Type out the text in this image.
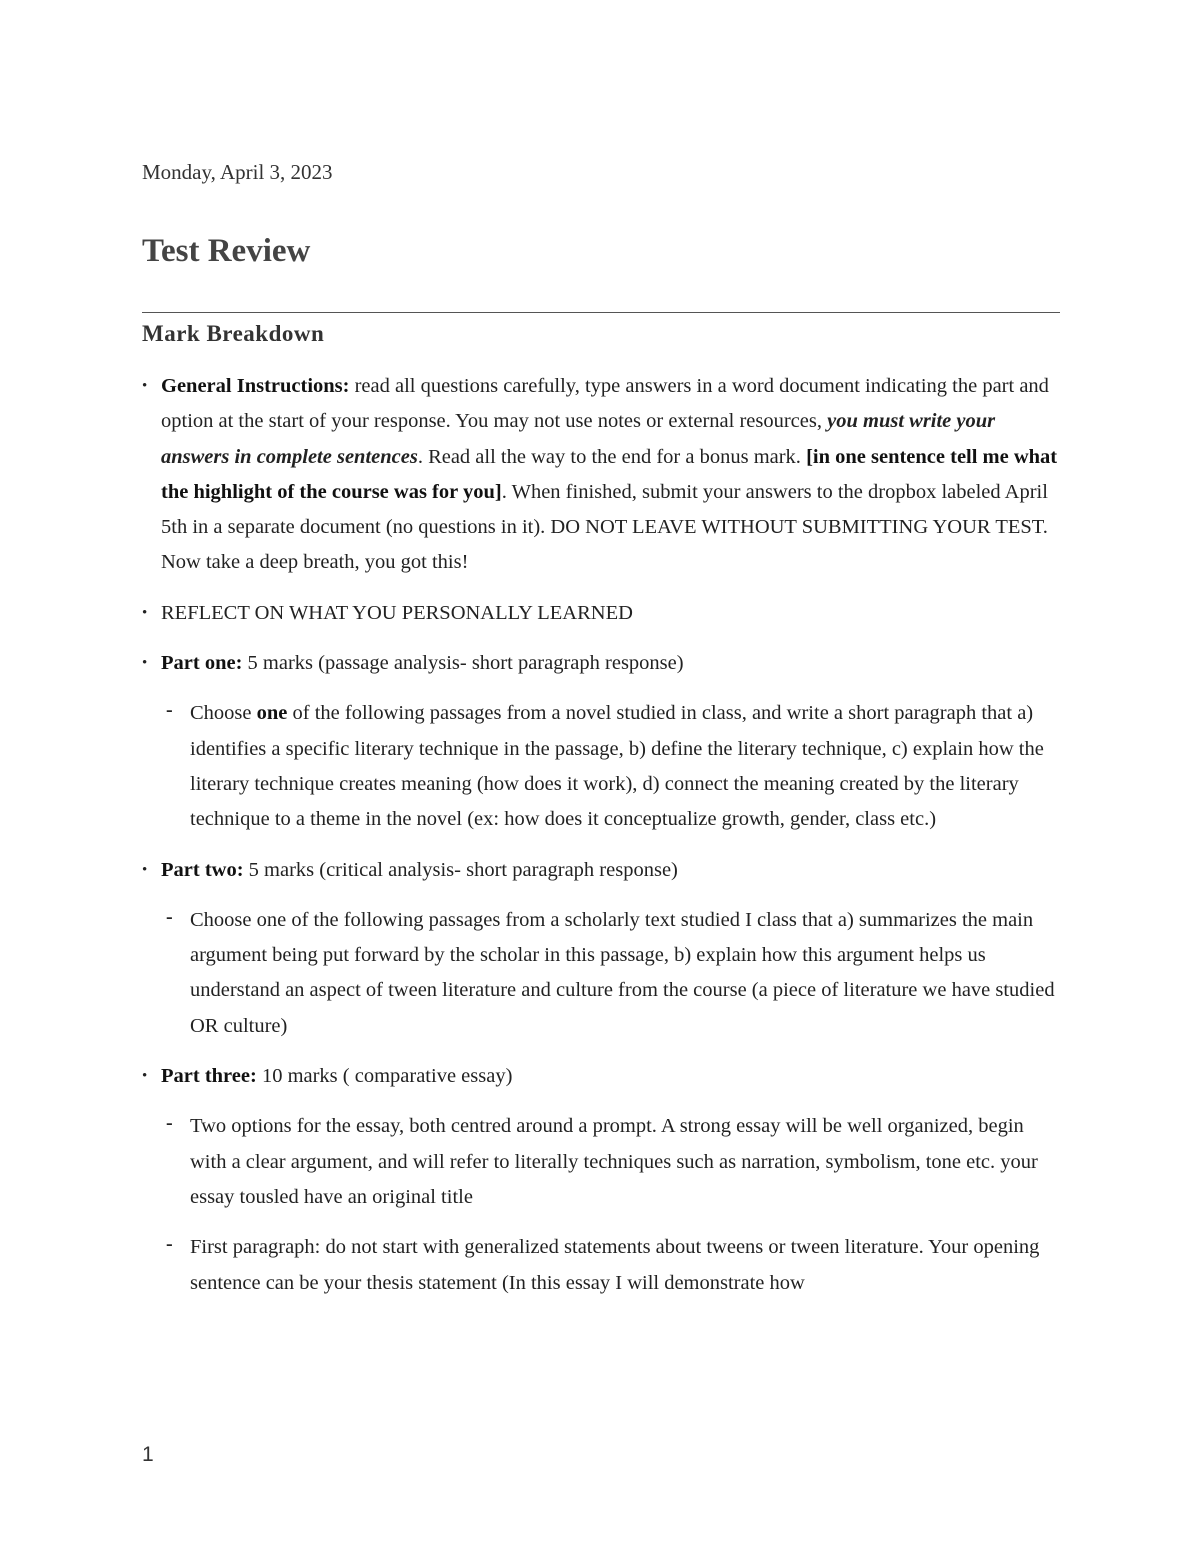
Monday, April 3, 2023
Test Review
Mark Breakdown
• General Instructions: read all questions carefully, type answers in a word document indicating the part and option at the start of your response. You may not use notes or external resources, you must write your answers in complete sentences. Read all the way to the end for a bonus mark. [in one sentence tell me what the highlight of the course was for you]. When finished, submit your answers to the dropbox labeled April 5th in a separate document (no questions in it). DO NOT LEAVE WITHOUT SUBMITTING YOUR TEST. Now take a deep breath, you got this!
• REFLECT ON WHAT YOU PERSONALLY LEARNED
• Part one: 5 marks (passage analysis- short paragraph response)
- Choose one of the following passages from a novel studied in class, and write a short paragraph that a) identifies a specific literary technique in the passage, b) define the literary technique, c) explain how the literary technique creates meaning (how does it work), d) connect the meaning created by the literary technique to a theme in the novel (ex: how does it conceptualize growth, gender, class etc.)
• Part two: 5 marks (critical analysis- short paragraph response)
- Choose one of the following passages from a scholarly text studied I class that a) summarizes the main argument being put forward by the scholar in this passage, b) explain how this argument helps us understand an aspect of tween literature and culture from the course (a piece of literature we have studied OR culture)
• Part three: 10 marks ( comparative essay)
- Two options for the essay, both centred around a prompt. A strong essay will be well organized, begin with a clear argument, and will refer to literally techniques such as narration, symbolism, tone etc. your essay tousled have an original title
- First paragraph: do not start with generalized statements about tweens or tween literature. Your opening sentence can be your thesis statement (In this essay I will demonstrate how
1
